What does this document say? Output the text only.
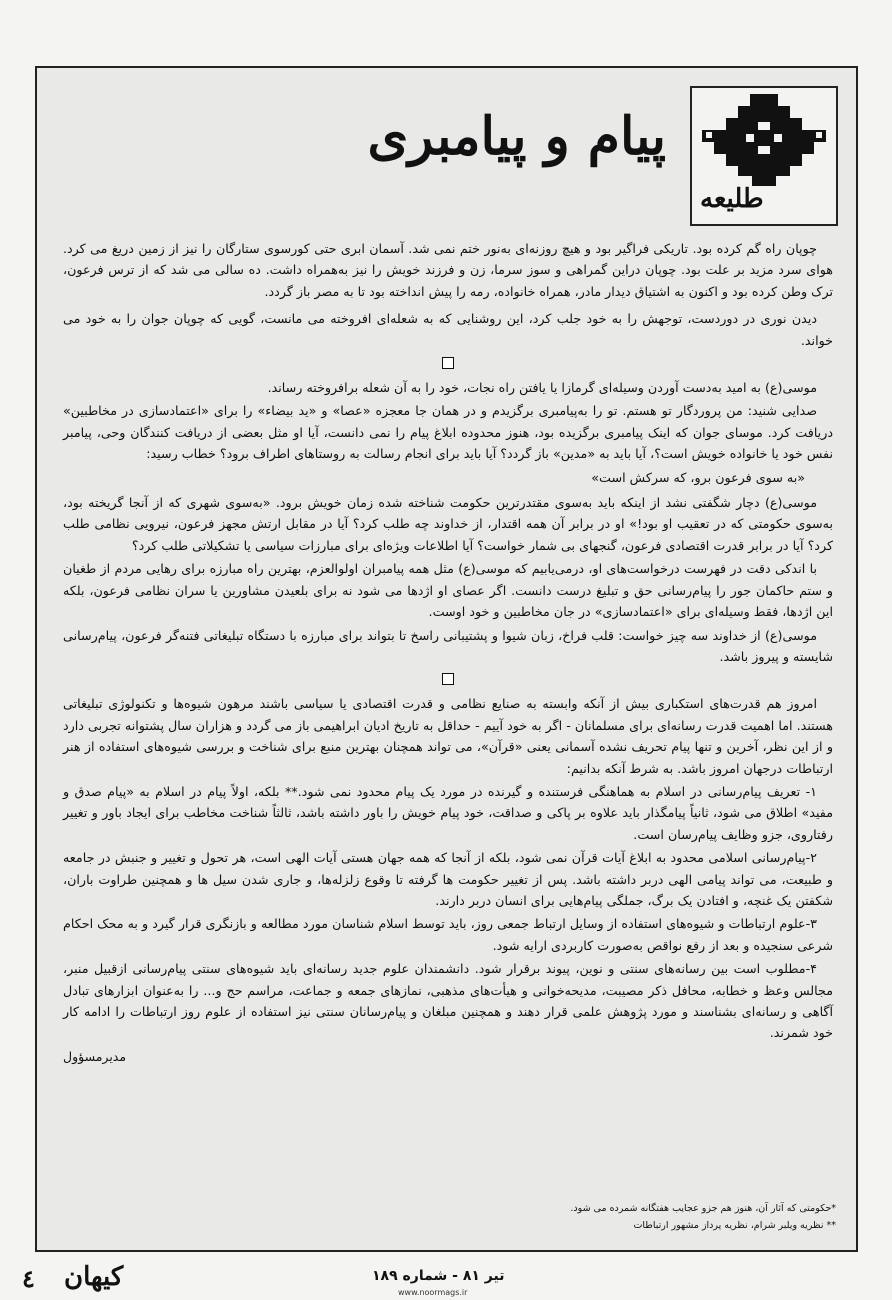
طلیعه
پیام و پیامبری

چوپان راه گم کرده بود. تاریکی فراگیر بود و هیچ روزنه‌ای به‌نور ختم نمی شد. آسمان ابری حتی کورسوی ستارگان را نیز از زمین دریغ می کرد. هوای سرد مزید بر علت بود. چوپان دراین گمراهی و سوز سرما، زن و فرزند خویش را نیز به‌همراه داشت. ده سالی می شد که از ترس فرعون، ترک وطن کرده بود و اکنون به اشتیاق دیدار مادر، همراه خانواده، رمه را پیش انداخته بود تا به مصر باز گردد.

دیدن نوری در دوردست، توجهش را به خود جلب کرد، این روشنایی که به شعله‌ای افروخته می مانست، گویی که چوپان جوان را به خود می خواند.

موسی(ع) به امید به‌دست آوردن وسیله‌ای گرمازا یا یافتن راه نجات، خود را به آن شعله برافروخته رساند.

صدایی شنید: من پروردگار تو هستم. تو را به‌پیامبری برگزیدم و در همان جا معجزه «عصا» و «ید بیضاء» را برای «اعتمادسازی در مخاطبین» دریافت کرد. موسای جوان که اینک پیامبری برگزیده بود، هنوز محدوده ابلاغ پیام را نمی دانست، آیا او مثل بعضی از دریافت کنندگان وحی، پیامبر نفس خود یا خانواده خویش است؟، آیا باید به «مدین» باز گردد؟ آیا باید برای انجام رسالت به روستاهای اطراف برود؟ خطاب رسید:

«به سوی فرعون برو، که سرکش است»

موسی(ع) دچار شگفتی نشد از اینکه باید به‌سوی مقتدرترین حکومت شناخته شده زمان خویش برود. «به‌سوی شهری که از آنجا گریخته بود، به‌سوی حکومتی که در تعقیب او بود!» او در برابر آن همه اقتدار، از خداوند چه طلب کرد؟ آیا در مقابل ارتش مجهز فرعون، نیرویی نظامی طلب کرد؟ آیا در برابر قدرت اقتصادی فرعون، گنجهای بی شمار خواست؟ آیا اطلاعات ویژه‌ای برای مبارزات سیاسی یا تشکیلاتی طلب کرد؟

با اندکی دقت در فهرست درخواست‌های او، درمی‌یابیم که موسی(ع) مثل همه پیامبران اولوالعزم، بهترین راه مبارزه برای رهایی مردم از طغیان و ستم حاکمان جور را پیام‌رسانی حق و تبلیغ درست دانست. اگر عصای او اژدها می شود نه برای بلعیدن مشاورین یا سران نظامی فرعون، بلکه این اژدها، فقط وسیله‌ای برای «اعتمادسازی» در جان مخاطبین و خود اوست.

موسی(ع) از خداوند سه چیز خواست: قلب فراخ، زبان شیوا و پشتیبانی راسخ تا بتواند برای مبارزه با دستگاه تبلیغاتی فتنه‌گر فرعون، پیام‌رسانی شایسته و پیروز باشد.

امروز هم قدرت‌های استکباری بیش از آنکه وابسته به صنایع نظامی و قدرت اقتصادی یا سیاسی باشند مرهون شیوه‌ها و تکنولوژی تبلیغاتی هستند. اما اهمیت قدرت رسانه‌ای برای مسلمانان - اگر به خود آییم - حداقل به تاریخ ادیان ابراهیمی باز می گردد و هزاران سال پشتوانه تجربی دارد و از این نظر، آخرین و تنها پیام تحریف نشده آسمانی یعنی «قرآن»، می تواند همچنان بهترین منبع برای شناخت و بررسی شیوه‌های استفاده از هنر ارتباطات درجهان امروز باشد. به شرط آنکه بدانیم:

۱- تعریف پیام‌رسانی در اسلام به هماهنگی فرستنده و گیرنده در مورد یک پیام محدود نمی شود.** بلکه، اولاً پیام در اسلام به «پیام صدق و مفید» اطلاق می شود، ثانیاً پیامگذار باید علاوه بر پاکی و صداقت، خود پیام خویش را باور داشته باشد، ثالثاً شناخت مخاطب برای ایجاد باور و تغییر رفتاروی، جزو وظایف پیام‌رسان است.

۲-پیام‌رسانی اسلامی محدود به ابلاغ آیات قرآن نمی شود، بلکه از آنجا که همه جهان هستی آیات الهی است، هر تحول و تغییر و جنبش در جامعه و طبیعت، می تواند پیامی الهی دربر داشته باشد. پس از تغییر حکومت ها گرفته تا وقوع زلزله‌ها، و جاری شدن سیل ها و همچنین طراوت باران، شکفتن یک غنچه، و افتادن یک برگ، جملگی پیام‌هایی برای انسان دربر دارند.

۳-علوم ارتباطات و شیوه‌های استفاده از وسایل ارتباط جمعی روز، باید توسط اسلام شناسان مورد مطالعه و بازنگری قرار گیرد و به محک احکام شرعی سنجیده و بعد از رفع نواقص به‌صورت کاربردی ارایه شود.

۴-مطلوب است بین رسانه‌های سنتی و نوین، پیوند برقرار شود. دانشمندان علوم جدید رسانه‌ای باید شیوه‌های سنتی پیام‌رسانی ازقبیل منبر، مجالس وعظ و خطابه، محافل ذکر مصیبت، مدیحه‌خوانی و هیأت‌های مذهبی، نمازهای جمعه و جماعت، مراسم حج و... را به‌عنوان ابزارهای تبادل آگاهی و رسانه‌ای بشناسند و مورد پژوهش علمی قرار دهند و همچنین مبلغان و پیام‌رسانان سنتی نیز استفاده از علوم روز ارتباطات را ادامه کار خود شمرند.

مدیرمسؤول
*حکومتی که آثار آن، هنوز هم جزو عجایب هفتگانه شمرده می شود.
** نظریه ویلبر شرام، نظریه پرداز مشهور ارتباطات
٤ کیهان	تیر ۸۱ - شماره ۱۸۹
www.noormags.ir
